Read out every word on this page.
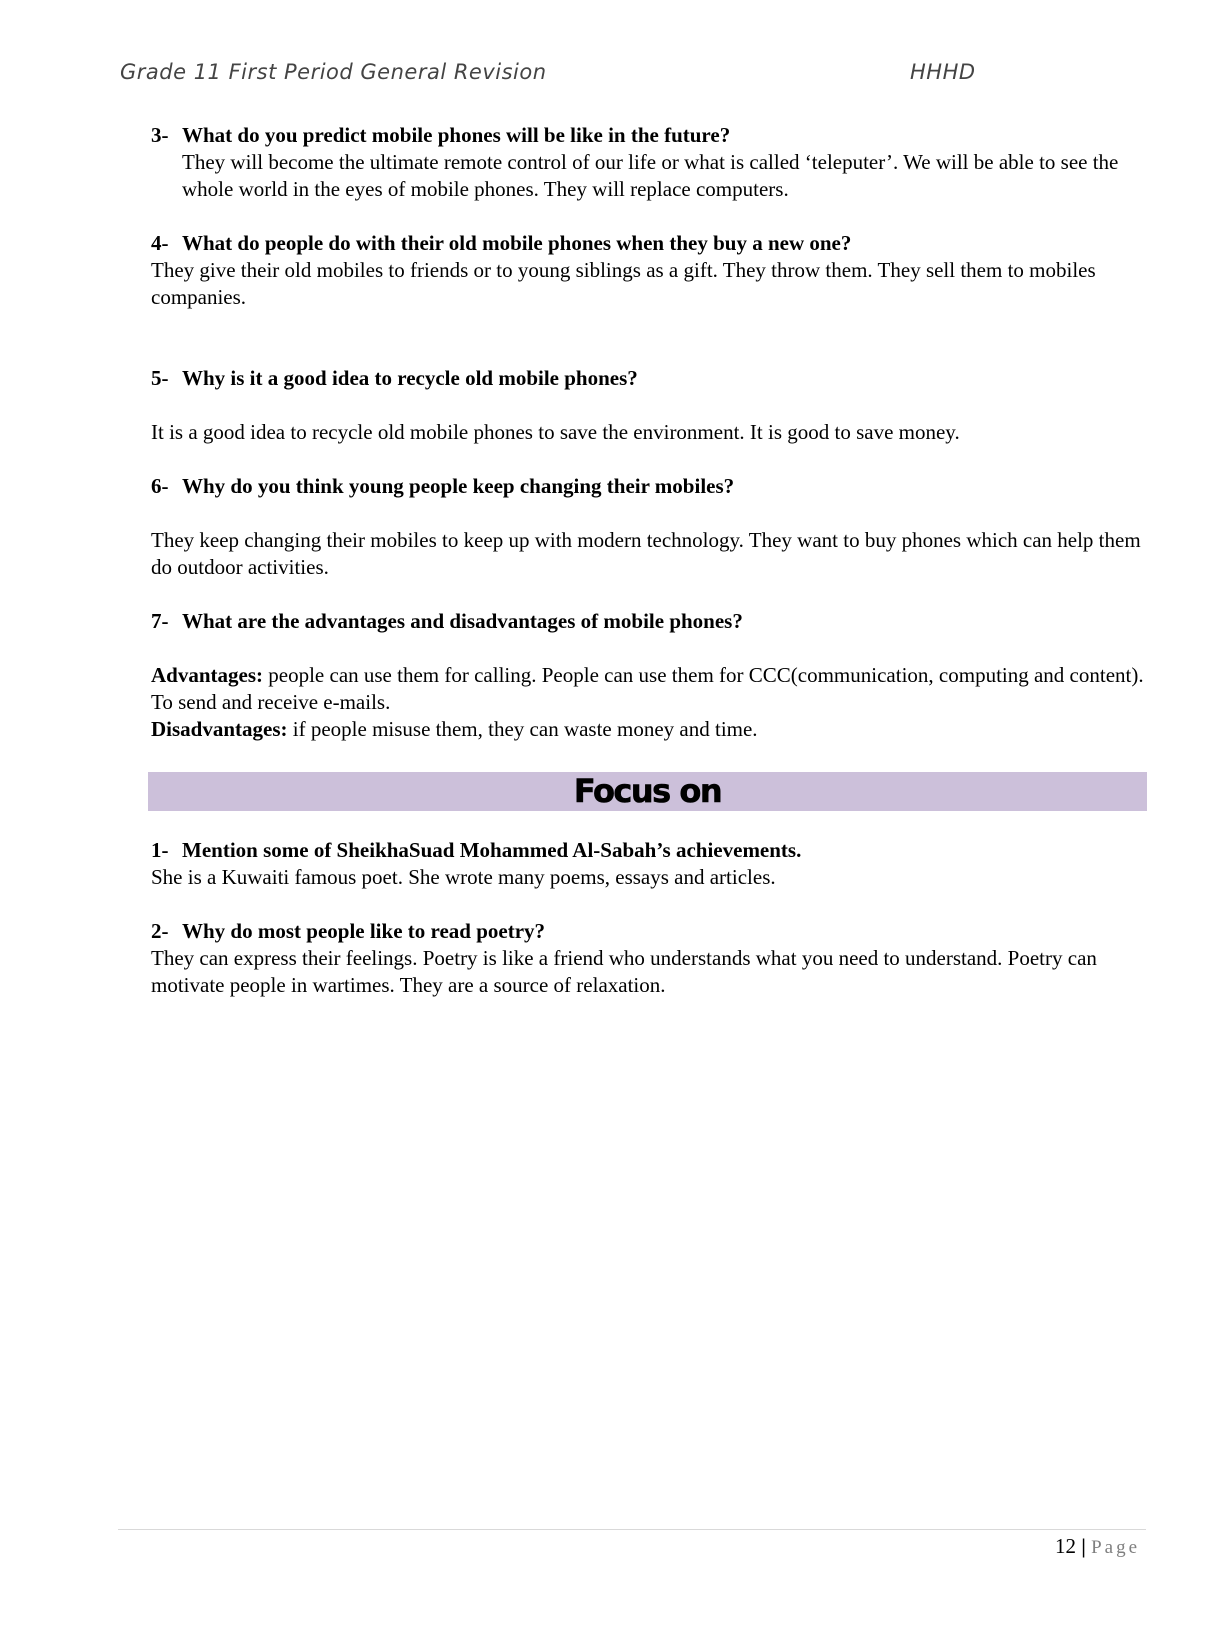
Grade 11 First Period General Revision	HHHD

3- What do you predict mobile phones will be like in the future?

They will become the ultimate remote control of our life or what is called ‘teleputer’. We will be able to see the whole world in the eyes of mobile phones. They will replace computers.

4- What do people do with their old mobile phones when they buy a new one?

They give their old mobiles to friends or to young siblings as a gift. They throw them. They sell them to mobiles companies.

5- Why is it a good idea to recycle old mobile phones?

It is a good idea to recycle old mobile phones to save the environment. It is good to save money.

6- Why do you think young people keep changing their mobiles?

They keep changing their mobiles to keep up with modern technology. They want to buy phones which can help them do outdoor activities.

7- What are the advantages and disadvantages of mobile phones?

Advantages: people can use them for calling. People can use them for CCC(communication, computing and content). To send and receive e-mails.

Disadvantages: if people misuse them, they can waste money and time.

Focus on

1- Mention some of SheikhaSuad Mohammed Al-Sabah’s achievements.

She is a Kuwaiti famous poet. She wrote many poems, essays and articles.

2- Why do most people like to read poetry?

They can express their feelings. Poetry is like a friend who understands what you need to understand. Poetry can motivate people in wartimes. They are a source of relaxation.

12 | Page
